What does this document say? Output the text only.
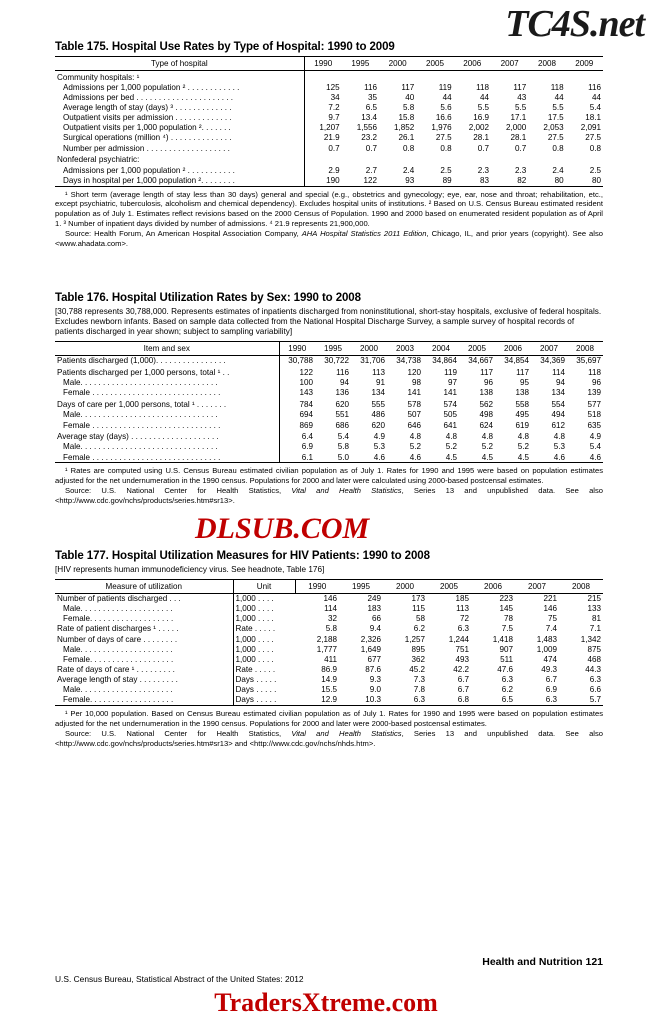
TC4S.net
DLSUB.COM
TradersXtreme.com
Table 175. Hospital Use Rates by Type of Hospital: 1990 to 2009
Type of hospital	1990	1995	2000	2005	2006	2007	2008	2009
Community hospitals: ¹								
Admissions per 1,000 population ² . . . . . . . . . . . .	125	116	117	119	118	117	118	116
Admissions per bed . . . . . . . . . . . . . . . . . . . . . .	34	35	40	44	44	43	44	44
Average length of stay (days) ³ . . . . . . . . . . . . .	7.2	6.5	5.8	5.6	5.5	5.5	5.5	5.4
Outpatient visits per admission . . . . . . . . . . . . .	9.7	13.4	15.8	16.6	16.9	17.1	17.5	18.1
Outpatient visits per 1,000 population ². . . . . . .	1,207	1,556	1,852	1,976	2,002	2,000	2,053	2,091
Surgical operations (million ⁴) . . . . . . . . . . . . . .	21.9	23.2	26.1	27.5	28.1	28.1	27.5	27.5
Number per admission . . . . . . . . . . . . . . . . . . .	0.7	0.7	0.8	0.8	0.7	0.7	0.8	0.8
Nonfederal psychiatric:								
Admissions per 1,000 population ² . . . . . . . . . . .	2.9	2.7	2.4	2.5	2.3	2.3	2.4	2.5
Days in hospital per 1,000 population ². . . . . . . .	190	122	93	89	83	82	80	80

¹ Short term (average length of stay less than 30 days) general and special (e.g., obstetrics and gynecology; eye, ear, nose and throat; rehabilitation, etc., except psychiatric, tuberculosis, alcoholism and chemical dependency). Excludes hospital units of institutions. ² Based on U.S. Census Bureau estimated resident population as of July 1. Estimates reflect revisions based on the 2000 Census of Population. 1990 and 2000 based on enumerated resident population as of April 1. ³ Number of inpatient days divided by number of admissions. ⁴ 21.9 represents 21,900,000.

Source: Health Forum, An American Hospital Association Company, AHA Hospital Statistics 2011 Edition, Chicago, IL, and prior years (copyright). See also <www.ahadata.com>.

Table 176. Hospital Utilization Rates by Sex: 1990 to 2008
[30,788 represents 30,788,000. Represents estimates of inpatients discharged from noninstitutional, short-stay hospitals, exclusive of federal hospitals. Excludes newborn infants. Based on sample data collected from the National Hospital Discharge Survey, a sample survey of hospital records of patients discharged in year shown; subject to sampling variability]
Item and sex	1990	1995	2000	2003	2004	2005	2006	2007	2008
Patients discharged (1,000). . . . . . . . . . . . . . . .	30,788	30,722	31,706	34,738	34,864	34,667	34,854	34,369	35,697
Patients discharged per 1,000 persons, total ¹ . .	122	116	113	120	119	117	117	114	118
Male. . . . . . . . . . . . . . . . . . . . . . . . . . . . . . .	100	94	91	98	97	96	95	94	96
Female . . . . . . . . . . . . . . . . . . . . . . . . . . . . .	143	136	134	141	141	138	138	134	139
Days of care per 1,000 persons, total ¹ . . . . . . .	784	620	555	578	574	562	558	554	577
Male. . . . . . . . . . . . . . . . . . . . . . . . . . . . . . .	694	551	486	507	505	498	495	494	518
Female . . . . . . . . . . . . . . . . . . . . . . . . . . . . .	869	686	620	646	641	624	619	612	635
Average stay (days) . . . . . . . . . . . . . . . . . . . .	6.4	5.4	4.9	4.8	4.8	4.8	4.8	4.8	4.9
Male. . . . . . . . . . . . . . . . . . . . . . . . . . . . . . .	6.9	5.8	5.3	5.2	5.2	5.2	5.2	5.3	5.4
Female . . . . . . . . . . . . . . . . . . . . . . . . . . . . .	6.1	5.0	4.6	4.6	4.5	4.5	4.5	4.6	4.6

¹ Rates are computed using U.S. Census Bureau estimated civilian population as of July 1. Rates for 1990 and 1995 were based on population estimates adjusted for the net undernumeration in the 1990 census. Populations for 2000 and later were calculated using 2000-based postcensal estimates.

Source: U.S. National Center for Health Statistics, Vital and Health Statistics, Series 13 and unpublished data. See also <http://www.cdc.gov/nchs/products/series.htm#sr13>.

Table 177. Hospital Utilization Measures for HIV Patients: 1990 to 2008
[HIV represents human immunodeficiency virus. See headnote, Table 176]
Measure of utilization	Unit	1990	1995	2000	2005	2006	2007	2008
Number of patients discharged . . .	1,000 . . . .	146	249	173	185	223	221	215
Male. . . . . . . . . . . . . . . . . . . . .	1,000 . . . .	114	183	115	113	145	146	133
Female. . . . . . . . . . . . . . . . . . .	1,000 . . . .	32	66	58	72	78	75	81
Rate of patient discharges ¹ . . . . .	Rate . . . . .	5.8	9.4	6.2	6.3	7.5	7.4	7.1
Number of days of care . . . . . . . .	1,000 . . . .	2,188	2,326	1,257	1,244	1,418	1,483	1,342
Male. . . . . . . . . . . . . . . . . . . . .	1,000 . . . .	1,777	1,649	895	751	907	1,009	875
Female. . . . . . . . . . . . . . . . . . .	1,000 . . . .	411	677	362	493	511	474	468
Rate of days of care ¹ . . . . . . . . .	Rate . . . . .	86.9	87.6	45.2	42.2	47.6	49.3	44.3
Average length of stay . . . . . . . . .	Days . . . . .	14.9	9.3	7.3	6.7	6.3	6.7	6.3
Male. . . . . . . . . . . . . . . . . . . . .	Days . . . . .	15.5	9.0	7.8	6.7	6.2	6.9	6.6
Female. . . . . . . . . . . . . . . . . . .	Days . . . . .	12.9	10.3	6.3	6.8	6.5	6.3	5.7

¹ Per 10,000 population. Based on Census Bureau estimated civilian population as of July 1. Rates for 1990 and 1995 were based on population estimates adjusted for the net undernumeration in the 1990 census. Populations for 2000 and later were 2000-based postcensal estimates.

Source: U.S. National Center for Health Statistics, Vital and Health Statistics, Series 13 and unpublished data. See also <http://www.cdc.gov/nchs/products/series.htm#sr13> and <http://www.cdc.gov/nchs/nhds.htm>.

Health and Nutrition 121
U.S. Census Bureau, Statistical Abstract of the United States: 2012
